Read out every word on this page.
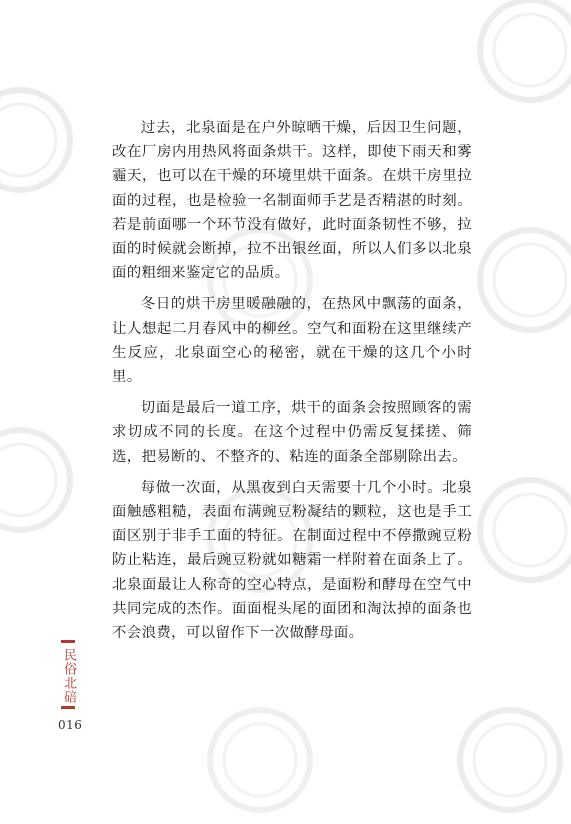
过去，北泉面是在户外晾晒干燥，后因卫生问题，改在厂房内用热风将面条烘干。这样，即使下雨天和雾霾天，也可以在干燥的环境里烘干面条。在烘干房里拉面的过程，也是检验一名制面师手艺是否精湛的时刻。若是前面哪一个环节没有做好，此时面条韧性不够，拉面的时候就会断掉，拉不出银丝面，所以人们多以北泉面的粗细来鉴定它的品质。

冬日的烘干房里暖融融的，在热风中飘荡的面条，让人想起二月春风中的柳丝。空气和面粉在这里继续产生反应，北泉面空心的秘密，就在干燥的这几个小时里。

切面是最后一道工序，烘干的面条会按照顾客的需求切成不同的长度。在这个过程中仍需反复揉搓、筛选，把易断的、不整齐的、粘连的面条全部剔除出去。

每做一次面，从黑夜到白天需要十几个小时。北泉面触感粗糙，表面布满豌豆粉凝结的颗粒，这也是手工面区别于非手工面的特征。在制面过程中不停撒豌豆粉防止粘连，最后豌豆粉就如糖霜一样附着在面条上了。北泉面最让人称奇的空心特点，是面粉和酵母在空气中共同完成的杰作。面面棍头尾的面团和淘汰掉的面条也不会浪费，可以留作下一次做酵母面。

民俗北碚
016
